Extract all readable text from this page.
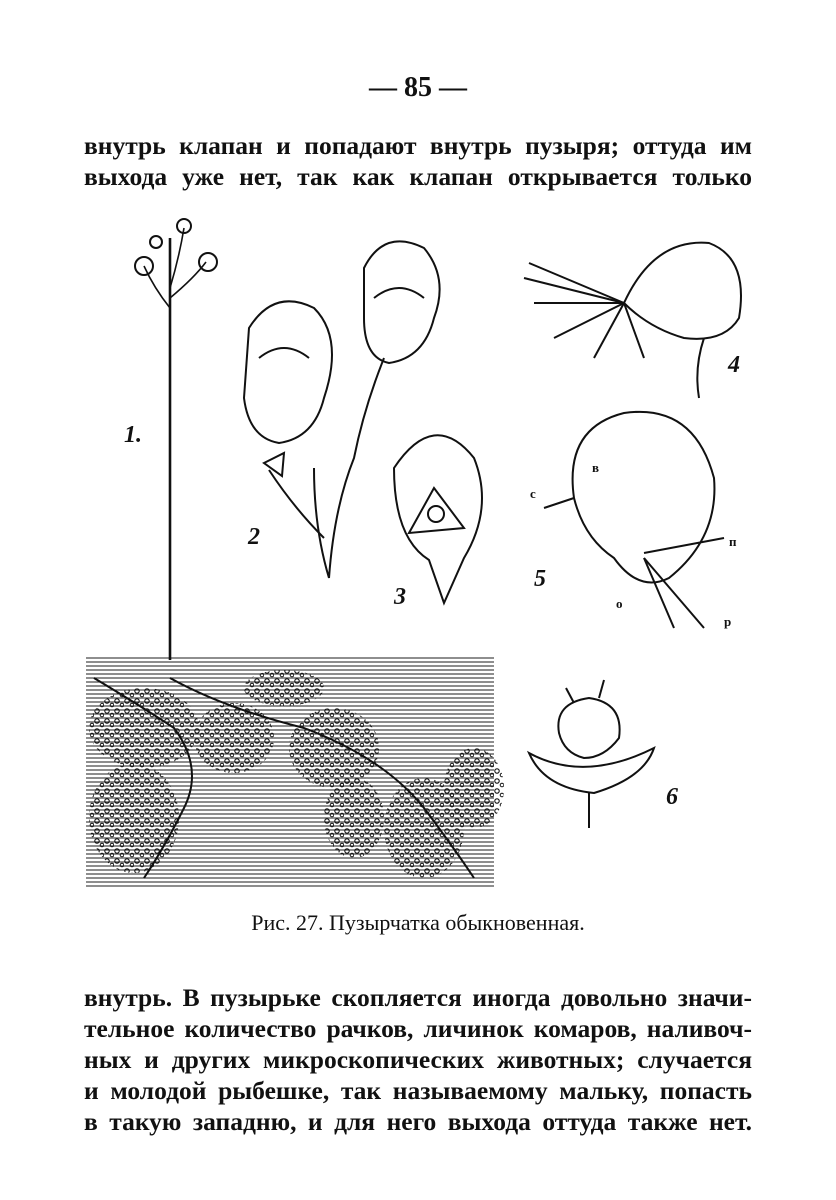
— 85 —
внутрь клапан и попадают внутрь пузыря; оттуда им
выхода уже нет, так как клапан открывается только
1.
2
3
4
5
6
с
в
п
о
р
Рис. 27. Пузырчатка обыкновенная.
внутрь. В пузырьке скопляется иногда довольно значи-
тельное количество рачков, личинок комаров, наливоч-
ных и других микроскопических животных; случается
и молодой рыбешке, так называемому мальку, попасть
в такую западню, и для него выхода оттуда также нет.
